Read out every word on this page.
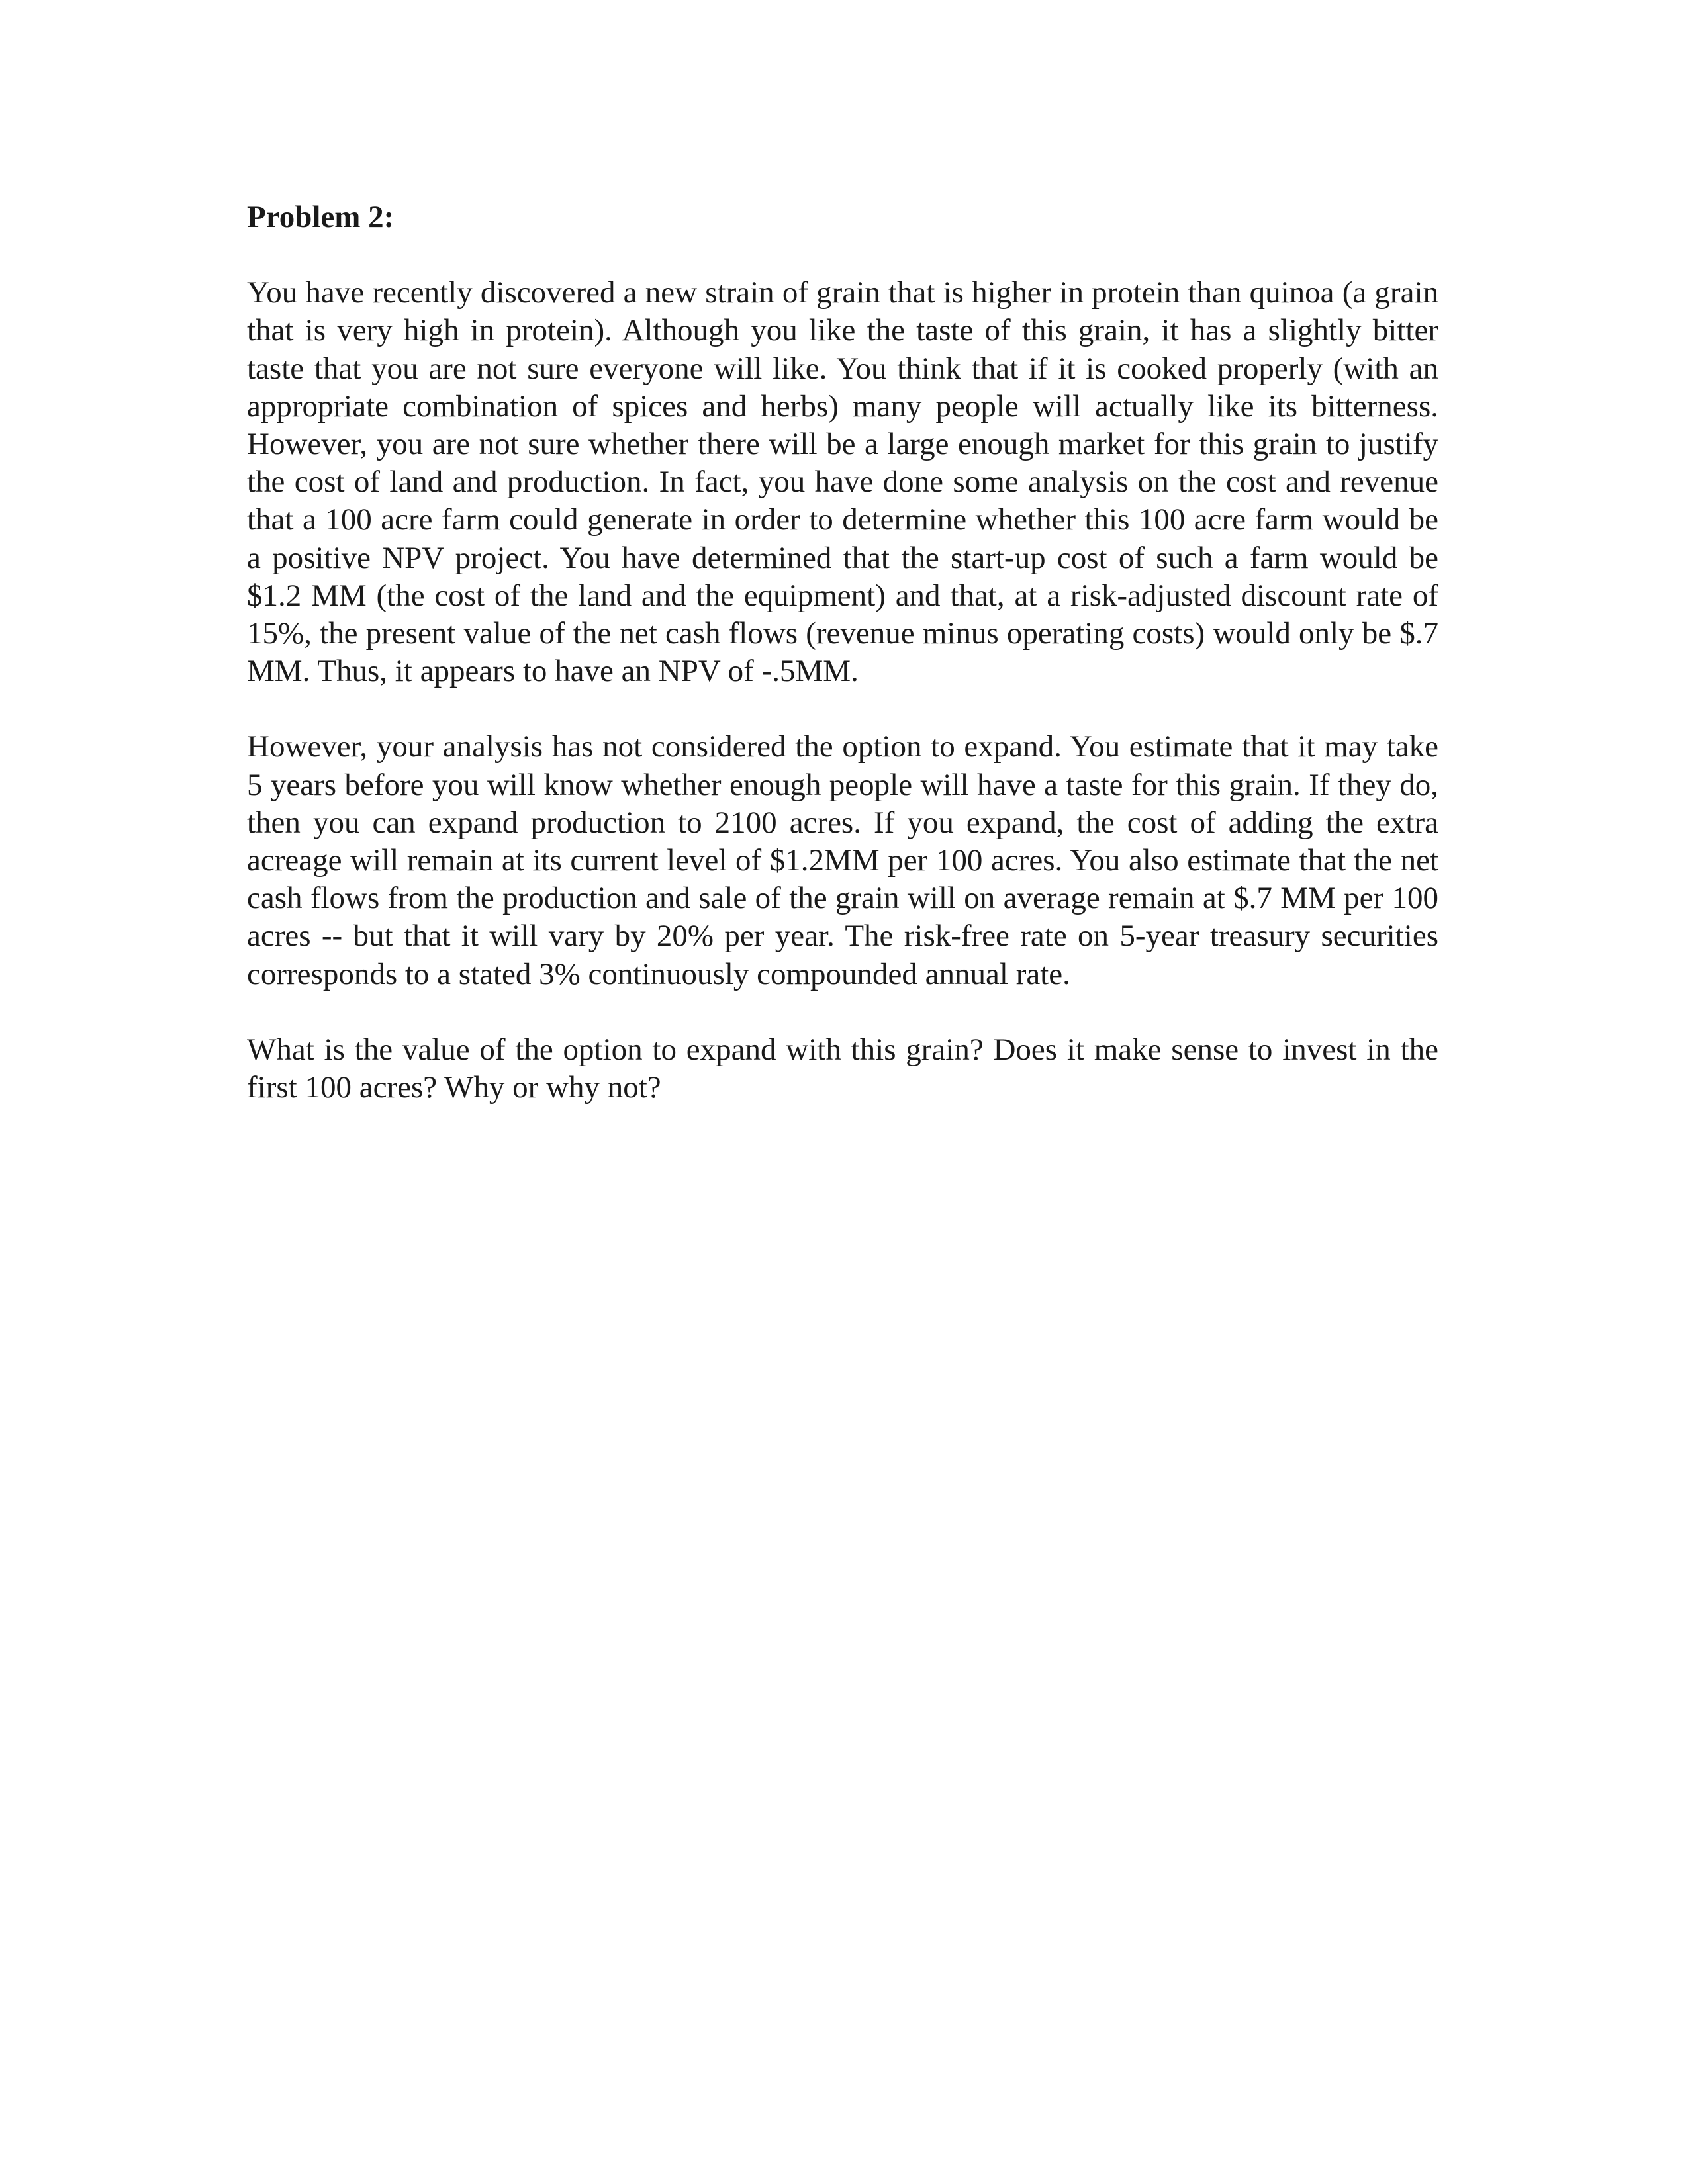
Problem 2:

You have recently discovered a new strain of grain that is higher in protein than quinoa (a grain that is very high in protein). Although you like the taste of this grain, it has a slightly bitter taste that you are not sure everyone will like. You think that if it is cooked properly (with an appropriate combination of spices and herbs) many people will actually like its bitterness. However, you are not sure whether there will be a large enough market for this grain to justify the cost of land and production. In fact, you have done some analysis on the cost and revenue that a 100 acre farm could generate in order to determine whether this 100 acre farm would be a positive NPV project. You have determined that the start-up cost of such a farm would be $1.2 MM (the cost of the land and the equipment) and that, at a risk-adjusted discount rate of 15%, the present value of the net cash flows (revenue minus operating costs) would only be $.7 MM. Thus, it appears to have an NPV of -.5MM.

However, your analysis has not considered the option to expand. You estimate that it may take 5 years before you will know whether enough people will have a taste for this grain. If they do, then you can expand production to 2100 acres. If you expand, the cost of adding the extra acreage will remain at its current level of $1.2MM per 100 acres. You also estimate that the net cash flows from the production and sale of the grain will on average remain at $.7 MM per 100 acres -- but that it will vary by 20% per year. The risk-free rate on 5-year treasury securities corresponds to a stated 3% continuously compounded annual rate.

What is the value of the option to expand with this grain? Does it make sense to invest in the first 100 acres? Why or why not?
